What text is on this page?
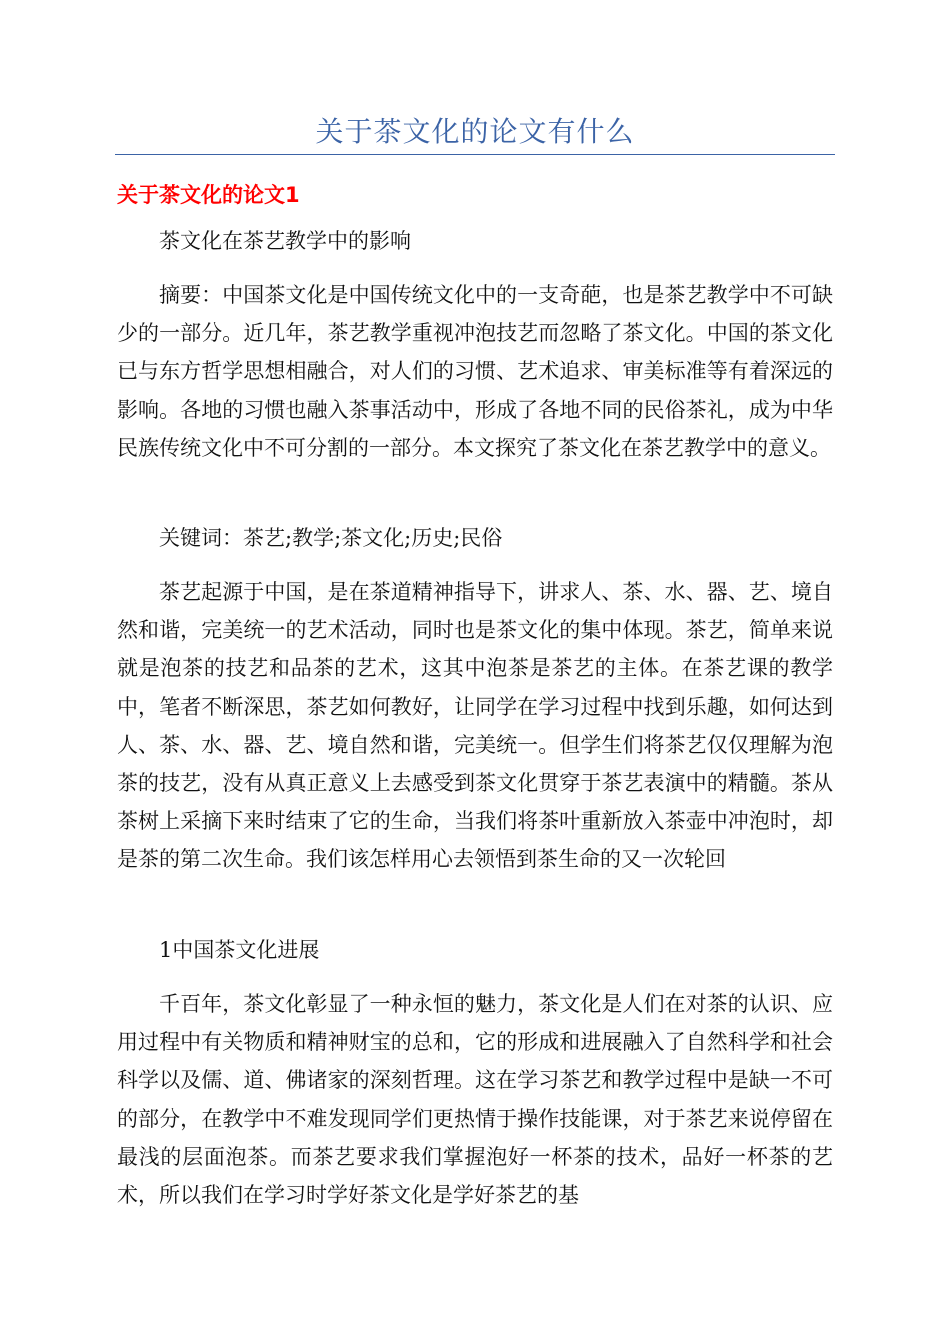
关于茶文化的论文有什么
关于茶文化的论文1

茶文化在茶艺教学中的影响

摘要：中国茶文化是中国传统文化中的一支奇葩，也是茶艺教学中不可缺少的一部分。近几年，茶艺教学重视冲泡技艺而忽略了茶文化。中国的茶文化已与东方哲学思想相融合，对人们的习惯、艺术追求、审美标准等有着深远的影响。各地的习惯也融入茶事活动中，形成了各地不同的民俗茶礼，成为中华民族传统文化中不可分割的一部分。本文探究了茶文化在茶艺教学中的意义。

关键词：茶艺;教学;茶文化;历史;民俗

茶艺起源于中国，是在茶道精神指导下，讲求人、茶、水、器、艺、境自然和谐，完美统一的艺术活动，同时也是茶文化的集中体现。茶艺，简单来说就是泡茶的技艺和品茶的艺术，这其中泡茶是茶艺的主体。在茶艺课的教学中，笔者不断深思，茶艺如何教好，让同学在学习过程中找到乐趣，如何达到人、茶、水、器、艺、境自然和谐，完美统一。但学生们将茶艺仅仅理解为泡茶的技艺，没有从真正意义上去感受到茶文化贯穿于茶艺表演中的精髓。茶从茶树上采摘下来时结束了它的生命，当我们将茶叶重新放入茶壶中冲泡时，却是茶的第二次生命。我们该怎样用心去领悟到茶生命的又一次轮回

1中国茶文化进展

千百年，茶文化彰显了一种永恒的魅力，茶文化是人们在对茶的认识、应用过程中有关物质和精神财宝的总和，它的形成和进展融入了自然科学和社会科学以及儒、道、佛诸家的深刻哲理。这在学习茶艺和教学过程中是缺一不可的部分，在教学中不难发现同学们更热情于操作技能课，对于茶艺来说停留在最浅的层面泡茶。而茶艺要求我们掌握泡好一杯茶的技术，品好一杯茶的艺术，所以我们在学习时学好茶文化是学好茶艺的基
